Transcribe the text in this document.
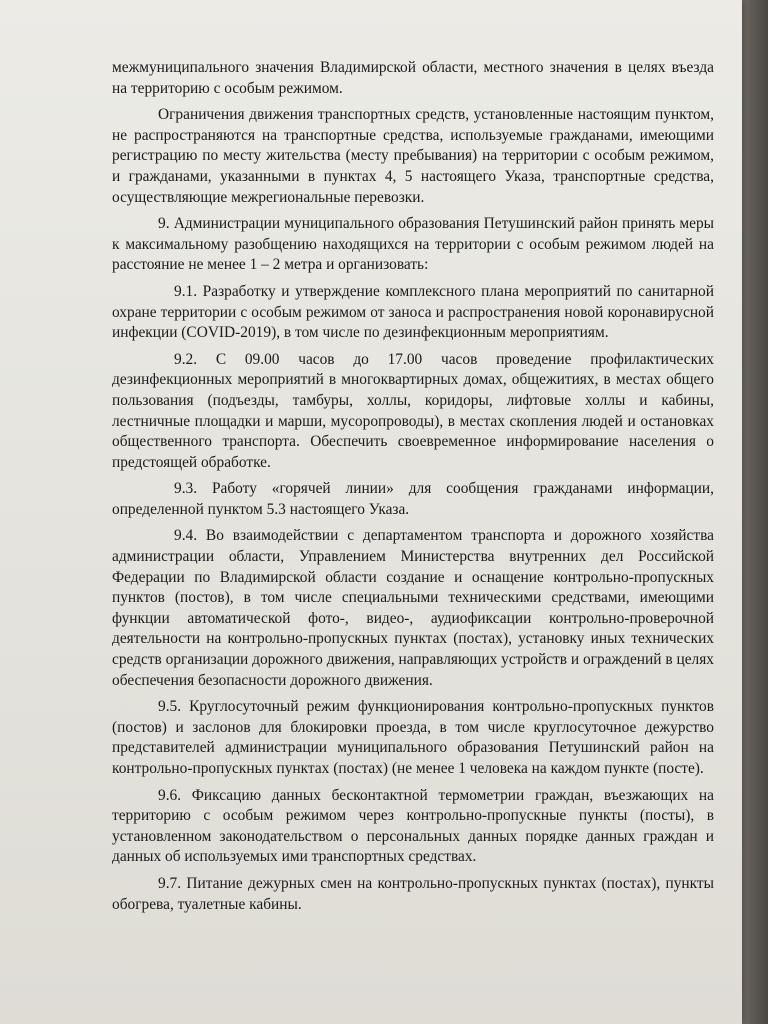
межмуниципального значения Владимирской области, местного значения в целях въезда на территорию с особым режимом.

Ограничения движения транспортных средств, установленные настоящим пунктом, не распространяются на транспортные средства, используемые гражданами, имеющими регистрацию по месту жительства (месту пребывания) на территории с особым режимом, и гражданами, указанными в пунктах 4, 5 настоящего Указа, транспортные средства, осуществляющие межрегиональные перевозки.

9. Администрации муниципального образования Петушинский район принять меры к максимальному разобщению находящихся на территории с особым режимом людей на расстояние не менее 1 – 2 метра и организовать:

9.1. Разработку и утверждение комплексного плана мероприятий по санитарной охране территории с особым режимом от заноса и распространения новой коронавирусной инфекции (COVID-2019), в том числе по дезинфекционным мероприятиям.

9.2. С 09.00 часов до 17.00 часов проведение профилактических дезинфекционных мероприятий в многоквартирных домах, общежитиях, в местах общего пользования (подъезды, тамбуры, холлы, коридоры, лифтовые холлы и кабины, лестничные площадки и марши, мусоропроводы), в местах скопления людей и остановках общественного транспорта. Обеспечить своевременное информирование населения о предстоящей обработке.

9.3. Работу «горячей линии» для сообщения гражданами информации, определенной пунктом 5.3 настоящего Указа.

9.4. Во взаимодействии с департаментом транспорта и дорожного хозяйства администрации области, Управлением Министерства внутренних дел Российской Федерации по Владимирской области создание и оснащение контрольно-пропускных пунктов (постов), в том числе специальными техническими средствами, имеющими функции автоматической фото-, видео-, аудиофиксации контрольно-проверочной деятельности на контрольно-пропускных пунктах (постах), установку иных технических средств организации дорожного движения, направляющих устройств и ограждений в целях обеспечения безопасности дорожного движения.

9.5. Круглосуточный режим функционирования контрольно-пропускных пунктов (постов) и заслонов для блокировки проезда, в том числе круглосуточное дежурство представителей администрации муниципального образования Петушинский район на контрольно-пропускных пунктах (постах) (не менее 1 человека на каждом пункте (посте).

9.6. Фиксацию данных бесконтактной термометрии граждан, въезжающих на территорию с особым режимом через контрольно-пропускные пункты (посты), в установленном законодательством о персональных данных порядке данных граждан и данных об используемых ими транспортных средствах.

9.7. Питание дежурных смен на контрольно-пропускных пунктах (постах), пункты обогрева, туалетные кабины.
